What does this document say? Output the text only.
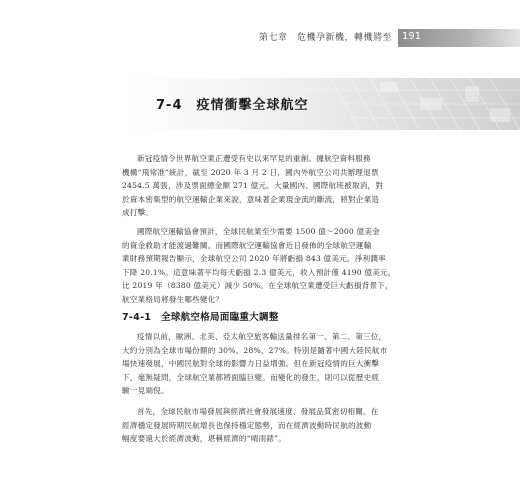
第七章　危機孕新機，轉機將至 191
7-4　疫情衝擊全球航空
新冠疫情令世界航空業正遭受有史以來罕見的重創。據航空資料服務
機構“飛常准”統計，截至 2020 年 3 月 2 日，國內外航空公司共辦理退票
2454.5 萬張，涉及票面總金額 271 億元。大量國內、國際航班被取消，對
於資本密集型的航空運輸企業來說，意味著企業現金流的斷流，將對企業造
成打擊。
國際航空運輸協會預計，全球民航業至少需要 1500 億～2000 億美金
的資金救助才能渡過難關。而國際航空運輸協會近日發佈的全球航空運輸
業財務預期報告顯示，全球航空公司 2020 年將虧損 843 億美元，淨利潤率
下降 20.1%。這意味著平均每天虧損 2.3 億美元，收入預計僅 4190 億美元，
比 2019 年（8380 億美元）減少 50%。在全球航空業遭受巨大虧損背景下，
航空業格局將發生哪些變化？
7-4-1　全球航空格局面臨重大調整
疫情以前，歐洲、北美、亞太航空旅客輸送量排名第一、第二、第三位，
大約分別為全球市場份額的 30%、28%、27%。特別是隨著中國大陸民航市
場快速發展，中國民航對全球的影響力日益增強。但在新冠疫情的巨大衝擊
下，毫無疑問，全球航空業都將面臨巨變。而變化的發生，則可以從歷史經
驗一見端倪。
首先，全球民航市場發展與經濟社會發展速度、發展品質密切相關。在
經濟穩定發展時期民航增長也保持穩定態勢，而在經濟波動時民航的波動
幅度要遠大於經濟波動，堪稱經濟的“晴雨錶”。
